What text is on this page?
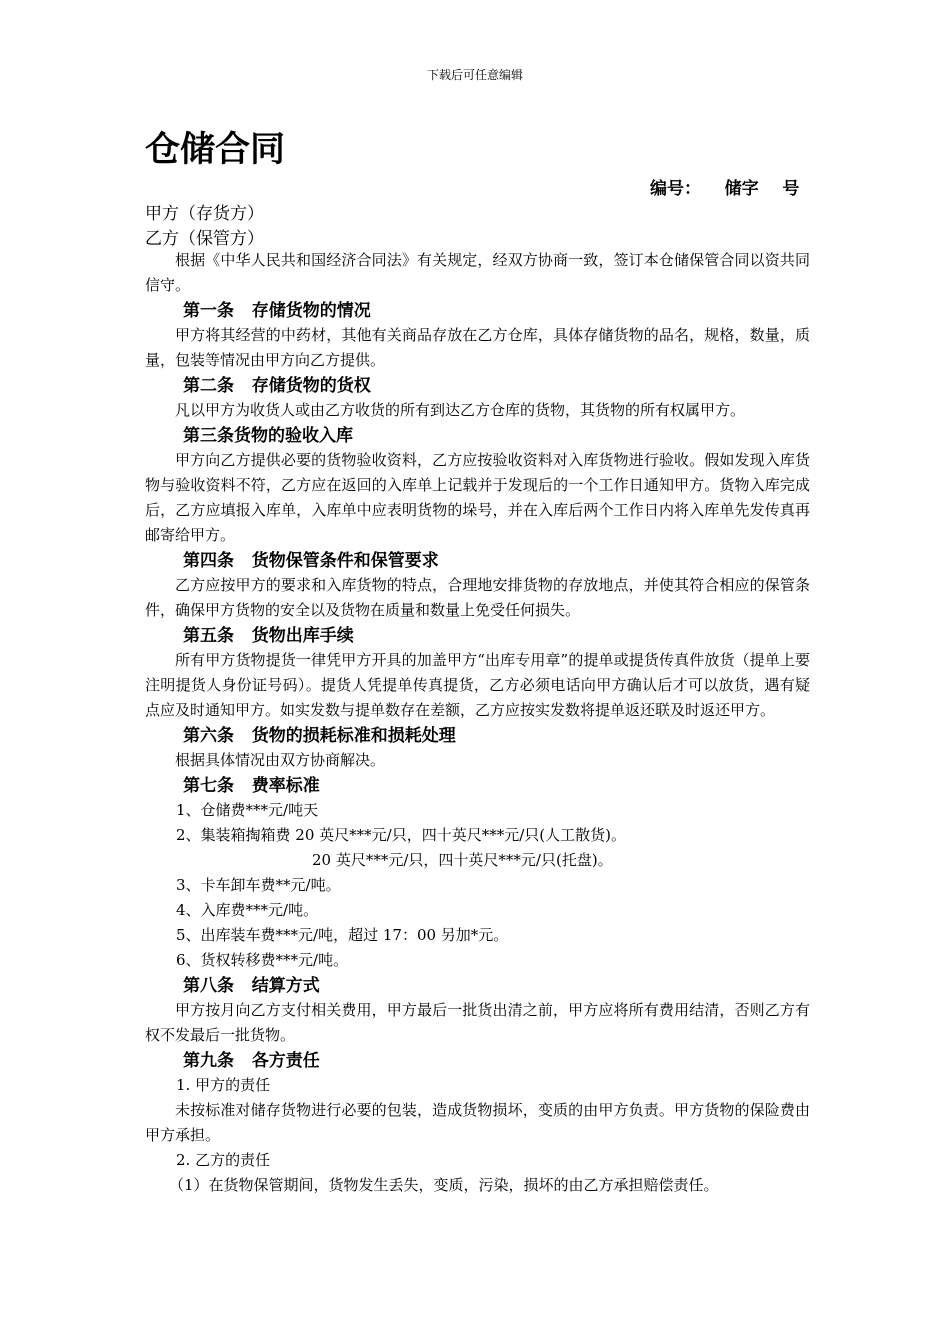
下载后可任意编辑
仓储合同
编号：    储字    号
甲方（存货方）
乙方（保管方）

根据《中华人民共和国经济合同法》有关规定，经双方协商一致，签订本仓储保管合同以资共同信守。

第一条   存储货物的情况

甲方将其经营的中药材，其他有关商品存放在乙方仓库，具体存储货物的品名，规格，数量，质量，包装等情况由甲方向乙方提供。

第二条   存储货物的货权

凡以甲方为收货人或由乙方收货的所有到达乙方仓库的货物，其货物的所有权属甲方。

第三条货物的验收入库

甲方向乙方提供必要的货物验收资料，乙方应按验收资料对入库货物进行验收。假如发现入库货物与验收资料不符，乙方应在返回的入库单上记载并于发现后的一个工作日通知甲方。货物入库完成后，乙方应填报入库单，入库单中应表明货物的垛号，并在入库后两个工作日内将入库单先发传真再邮寄给甲方。

第四条   货物保管条件和保管要求

乙方应按甲方的要求和入库货物的特点，合理地安排货物的存放地点，并使其符合相应的保管条件，确保甲方货物的安全以及货物在质量和数量上免受任何损失。

第五条   货物出库手续

所有甲方货物提货一律凭甲方开具的加盖甲方“出库专用章”的提单或提货传真件放货（提单上要注明提货人身份证号码）。提货人凭提单传真提货，乙方必须电话向甲方确认后才可以放货，遇有疑点应及时通知甲方。如实发数与提单数存在差额，乙方应按实发数将提单返还联及时返还甲方。

第六条   货物的损耗标准和损耗处理

根据具体情况由双方协商解决。

第七条   费率标准

1、仓储费***元/吨天

2、集装箱掏箱费 20 英尺***元/只，四十英尺***元/只(人工散货)。

20 英尺***元/只，四十英尺***元/只(托盘)。

3、卡车卸车费**元/吨。

4、入库费***元/吨。

5、出库装车费***元/吨，超过 17：00 另加*元。

6、货权转移费***元/吨。

第八条   结算方式

甲方按月向乙方支付相关费用，甲方最后一批货出清之前，甲方应将所有费用结清，否则乙方有权不发最后一批货物。

第九条   各方责任

1. 甲方的责任

未按标准对储存货物进行必要的包装，造成货物损坏，变质的由甲方负责。甲方货物的保险费由甲方承担。

2. 乙方的责任

（1）在货物保管期间，货物发生丢失，变质，污染，损坏的由乙方承担赔偿责任。
